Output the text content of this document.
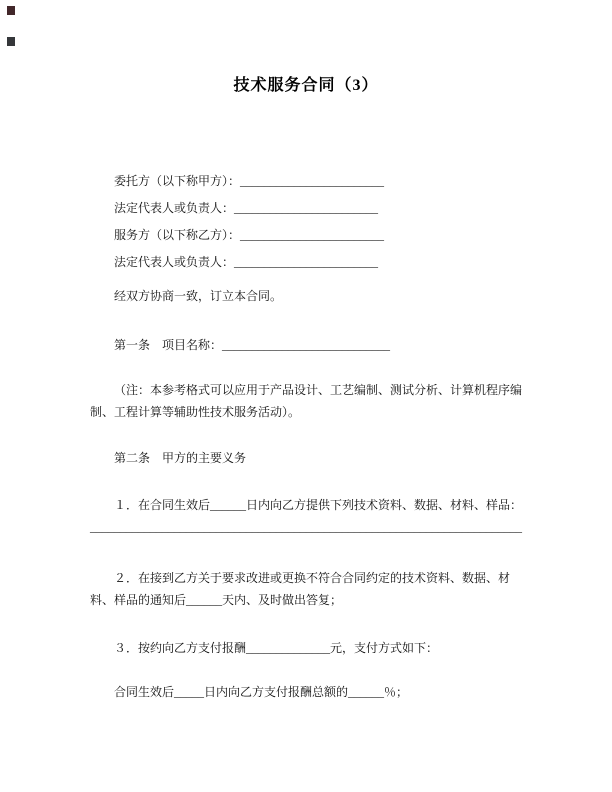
技术服务合同（3）

委托方（以下称甲方）：________________________

法定代表人或负责人：________________________

服务方（以下称乙方）：________________________

法定代表人或负责人：________________________

经双方协商一致，订立本合同。

第一条　项目名称：____________________________

（注：本参考格式可以应用于产品设计、工艺编制、测试分析、计算机程序编制、工程计算等辅助性技术服务活动）。

第二条　甲方的主要义务

１．在合同生效后______日内向乙方提供下列技术资料、数据、材料、样品：

________________________________________________________________________

２．在接到乙方关于要求改进或更换不符合合同约定的技术资料、数据、材料、样品的通知后______天内、及时做出答复；

３．按约向乙方支付报酬______________元，支付方式如下：

合同生效后_____日内向乙方支付报酬总额的______％；
